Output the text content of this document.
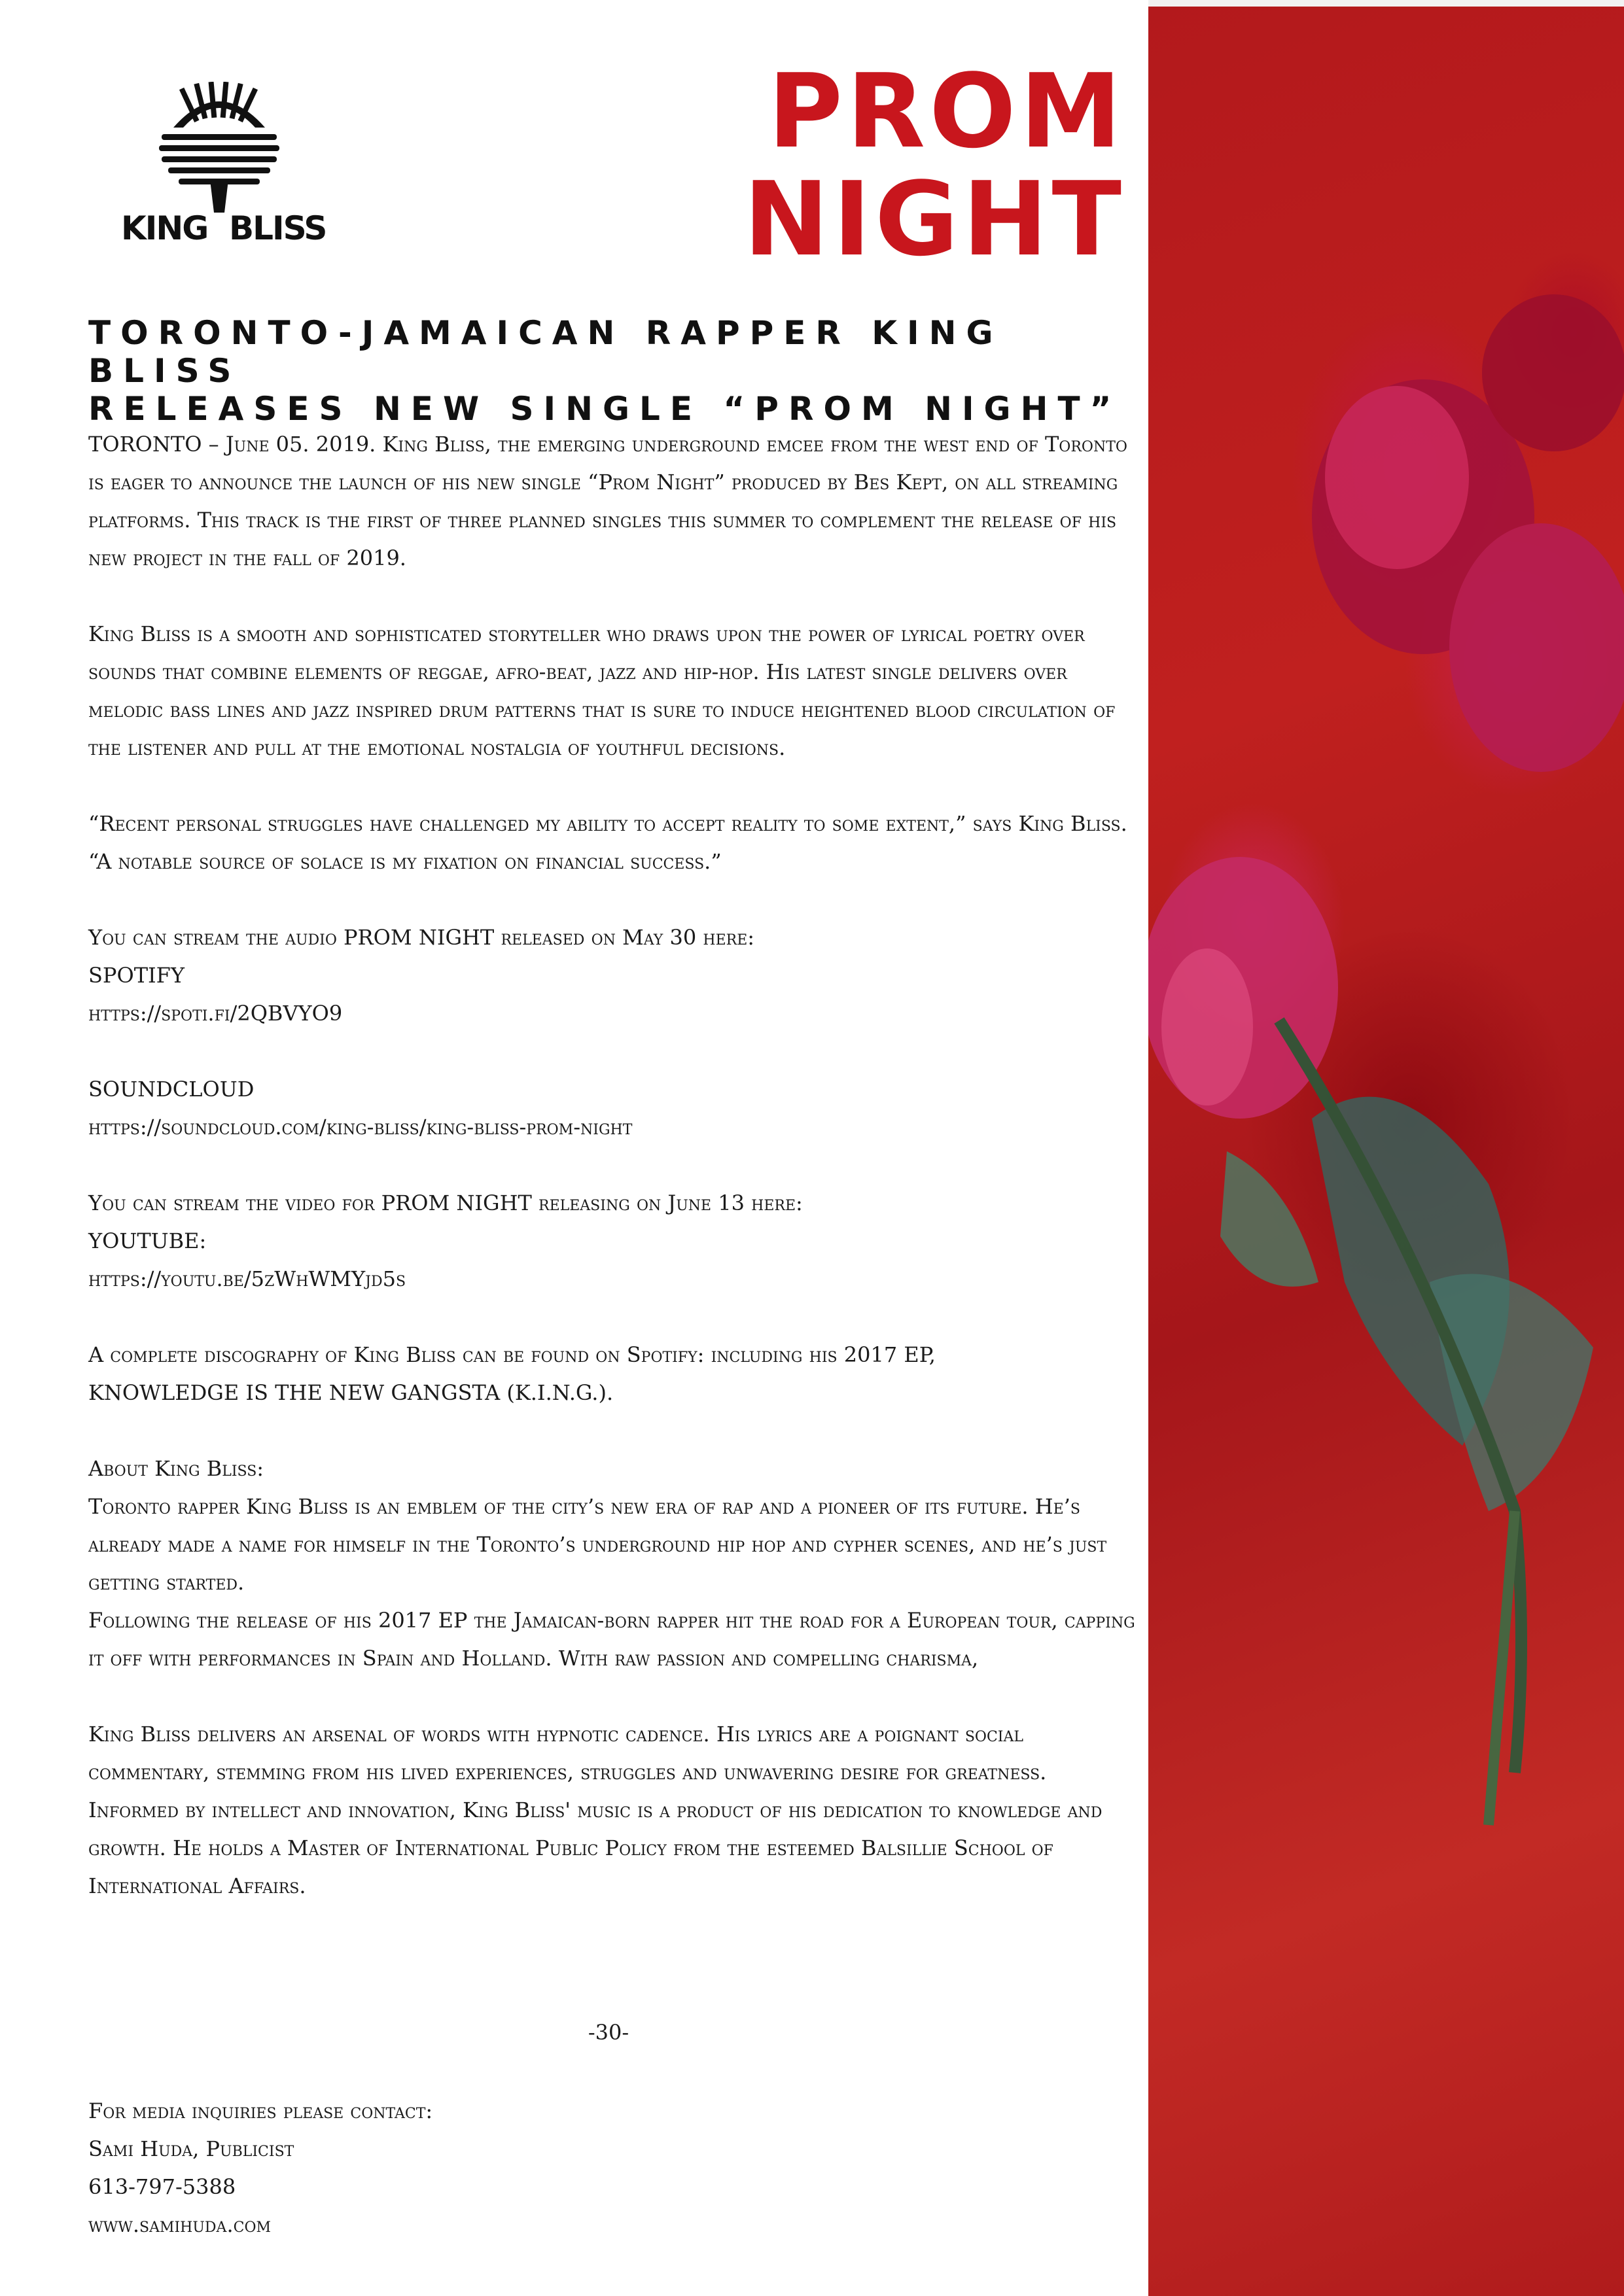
KING BLISS
PROM
NIGHT
TORONTO-JAMAICAN RAPPER KING BLISS
RELEASES NEW SINGLE “PROM NIGHT”

TORONTO – June 05. 2019. King Bliss, the emerging underground emcee from the west end of Toronto is eager to announce the launch of his new single “Prom Night” produced by Bes Kept, on all streaming platforms. This track is the first of three planned singles this summer to complement the release of his new project in the fall of 2019.

King Bliss is a smooth and sophisticated storyteller who draws upon the power of lyrical poetry over sounds that combine elements of reggae, afro-beat, jazz and hip-hop. His latest single delivers over melodic bass lines and jazz inspired drum patterns that is sure to induce heightened blood circulation of the listener and pull at the emotional nostalgia of youthful decisions.

“Recent personal struggles have challenged my ability to accept reality to some extent,” says King Bliss. “A notable source of solace is my fixation on financial success.”

You can stream the audio PROM NIGHT released on May 30 here:
SPOTIFY
https://spoti.fi/2QBVYO9

SOUNDCLOUD
https://soundcloud.com/king-bliss/king-bliss-prom-night

You can stream the video for PROM NIGHT releasing on June 13 here:
YOUTUBE:
https://youtu.be/5zWhWMYjd5s

A complete discography of King Bliss can be found on Spotify: including his 2017 EP,
KNOWLEDGE IS THE NEW GANGSTA (K.I.N.G.).

About King Bliss:
Toronto rapper King Bliss is an emblem of the city’s new era of rap and a pioneer of its future. He’s already made a name for himself in the Toronto’s underground hip hop and cypher scenes, and he’s just getting started.
Following the release of his 2017 EP the Jamaican-born rapper hit the road for a European tour, capping it off with performances in Spain and Holland. With raw passion and compelling charisma,

King Bliss delivers an arsenal of words with hypnotic cadence. His lyrics are a poignant social commentary, stemming from his lived experiences, struggles and unwavering desire for greatness. Informed by intellect and innovation, King Bliss' music is a product of his dedication to knowledge and growth. He holds a Master of International Public Policy from the esteemed Balsillie School of International Affairs.

-30-
For media inquiries please contact:
Sami Huda, Publicist
613-797-5388
www.samihuda.com
